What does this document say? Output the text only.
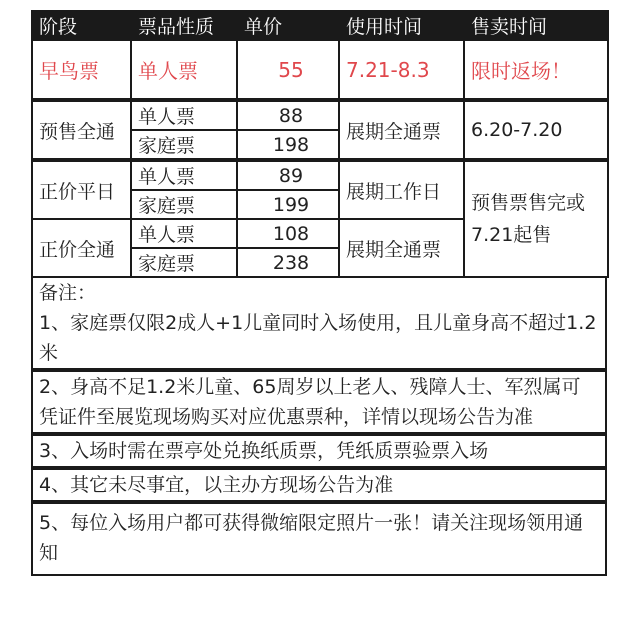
阶段	票品性质	单价	使用时间	售卖时间
早鸟票	单人票	55	7.21-8.3	限时返场！
预售全通	单人票	88	展期全通票	6.20-7.20
	家庭票	198		
正价平日	单人票	89	展期工作日	预售票售完或7.21起售
	家庭票	199		
正价全通	单人票	108	展期全通票	
	家庭票	238		
备注：
1、家庭票仅限2成人+1儿童同时入场使用，且儿童身高不超过1.2米
2、身高不足1.2米儿童、65周岁以上老人、残障人士、军烈属可凭证件至展览现场购买对应优惠票种，详情以现场公告为准
3、入场时需在票亭处兑换纸质票，凭纸质票验票入场
4、其它未尽事宜，以主办方现场公告为准
5、每位入场用户都可获得微缩限定照片一张！请关注现场领用通知
